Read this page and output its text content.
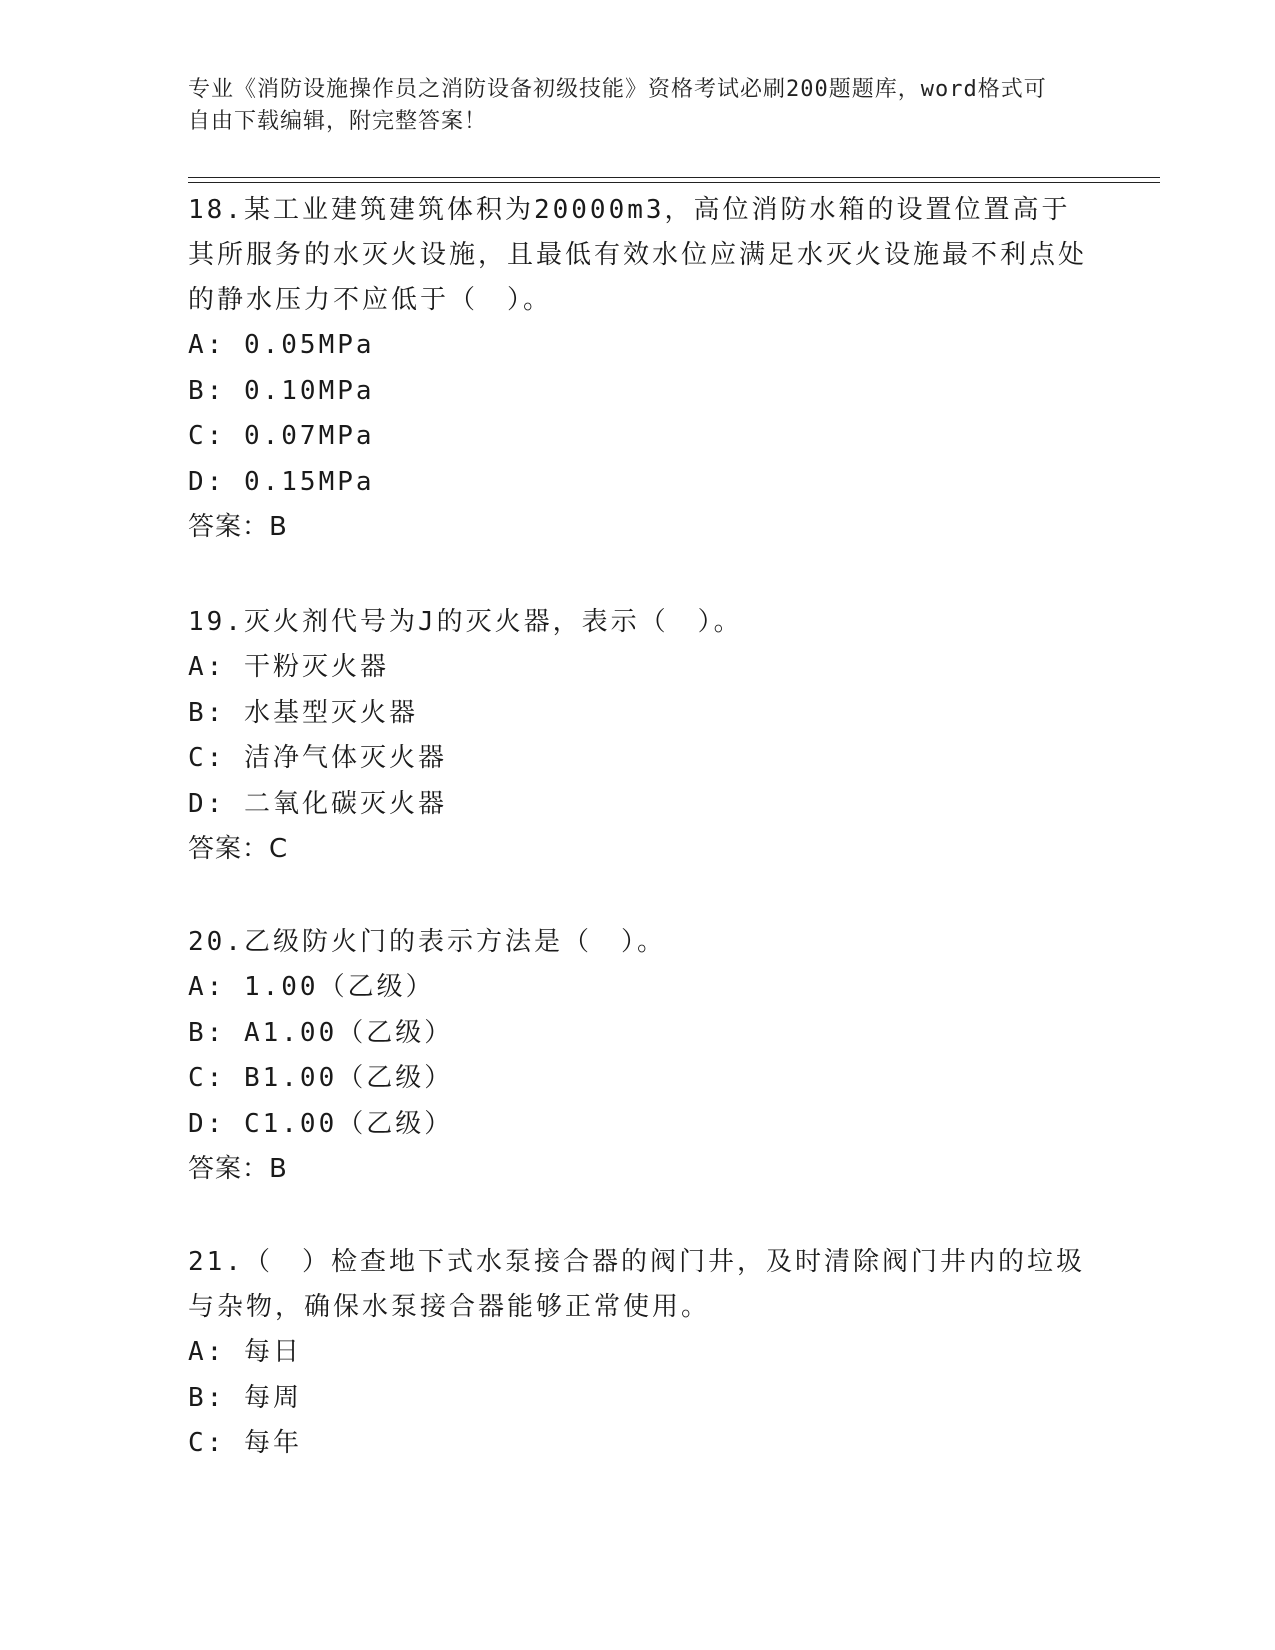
专业《消防设施操作员之消防设备初级技能》资格考试必刷200题题库，word格式可自由下载编辑，附完整答案！

18.某工业建筑建筑体积为20000m3，高位消防水箱的设置位置高于其所服务的水灭火设施，且最低有效水位应满足水灭火设施最不利点处的静水压力不应低于（　）。

A: 0.05MPa

B: 0.10MPa

C: 0.07MPa

D: 0.15MPa

答案：B

19.灭火剂代号为J的灭火器，表示（　）。

A: 干粉灭火器

B: 水基型灭火器

C: 洁净气体灭火器

D: 二氧化碳灭火器

答案：C

20.乙级防火门的表示方法是（　）。

A: 1.00（乙级）

B: A1.00（乙级）

C: B1.00（乙级）

D: C1.00（乙级）

答案：B

21.（　）检查地下式水泵接合器的阀门井，及时清除阀门井内的垃圾与杂物，确保水泵接合器能够正常使用。

A: 每日

B: 每周

C: 每年
